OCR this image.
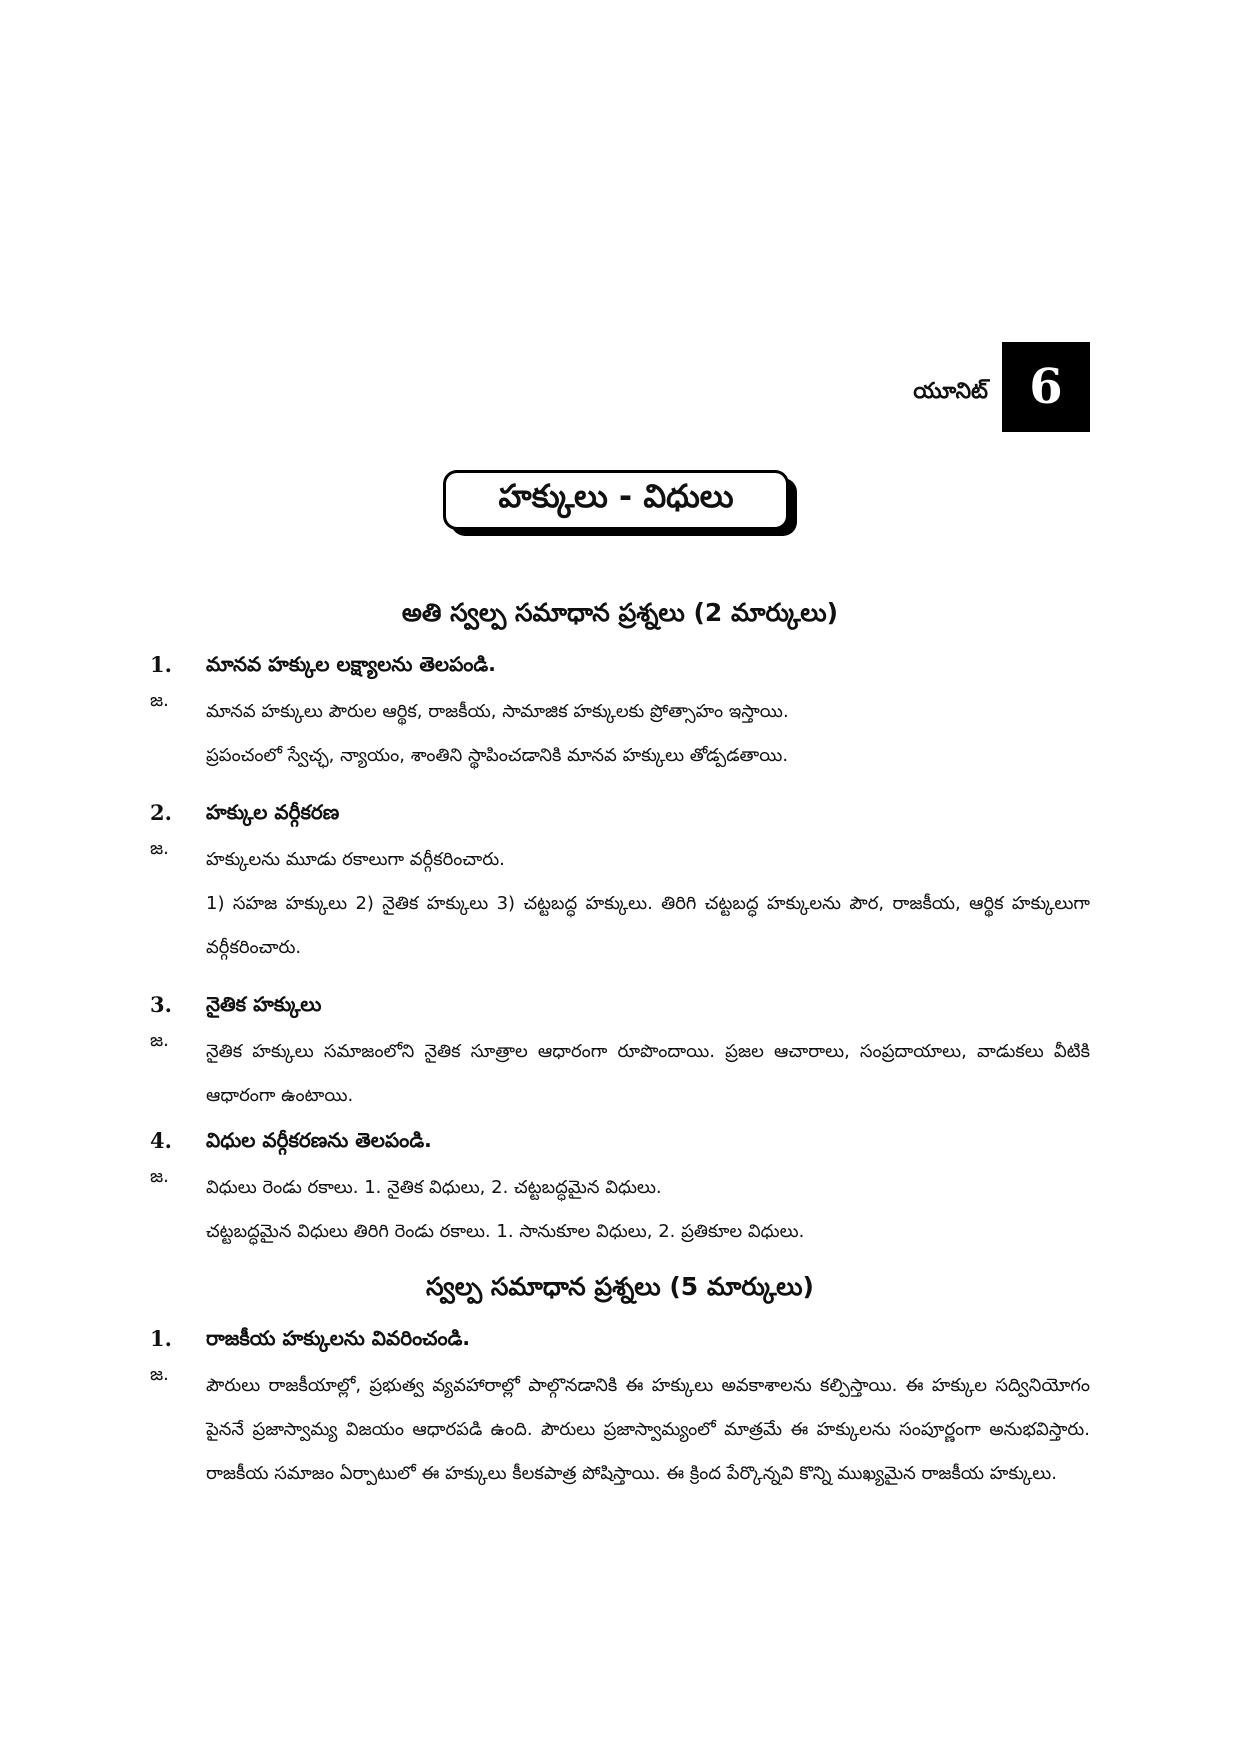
యూనిట్ 6
హక్కులు - విధులు
అతి స్వల్ప సమాధాన ప్రశ్నలు (2 మార్కులు)
1.	మానవ హక్కుల లక్ష్యాలను తెలపండి.
జ.

మానవ హక్కులు పౌరుల ఆర్థిక, రాజకీయ, సామాజిక హక్కులకు ప్రోత్సాహం ఇస్తాయి.

ప్రపంచంలో స్వేచ్ఛ, న్యాయం, శాంతిని స్థాపించడానికి మానవ హక్కులు తోడ్పడతాయి.

2.	హక్కుల వర్గీకరణ
జ.

హక్కులను మూడు రకాలుగా వర్గీకరించారు.

1) సహజ హక్కులు 2) నైతిక హక్కులు 3) చట్టబద్ధ హక్కులు. తిరిగి చట్టబద్ధ హక్కులను పౌర, రాజకీయ, ఆర్థిక హక్కులుగా వర్గీకరించారు.

3.	నైతిక హక్కులు
జ.

నైతిక హక్కులు సమాజంలోని నైతిక సూత్రాల ఆధారంగా రూపొందాయి. ప్రజల ఆచారాలు, సంప్రదాయాలు, వాడుకలు వీటికి ఆధారంగా ఉంటాయి.

4.	విధుల వర్గీకరణను తెలపండి.
జ.

విధులు రెండు రకాలు. 1. నైతిక విధులు, 2. చట్టబద్ధమైన విధులు.

చట్టబద్ధమైన విధులు తిరిగి రెండు రకాలు. 1. సానుకూల విధులు, 2. ప్రతికూల విధులు.

స్వల్ప సమాధాన ప్రశ్నలు (5 మార్కులు)
1.	రాజకీయ హక్కులను వివరించండి.
జ.

పౌరులు రాజకీయాల్లో, ప్రభుత్వ వ్యవహారాల్లో పాల్గొనడానికి ఈ హక్కులు అవకాశాలను కల్పిస్తాయి. ఈ హక్కుల సద్వినియోగం పైననే ప్రజాస్వామ్య విజయం ఆధారపడి ఉంది. పౌరులు ప్రజాస్వామ్యంలో మాత్రమే ఈ హక్కులను సంపూర్ణంగా అనుభవిస్తారు. రాజకీయ సమాజం ఏర్పాటులో ఈ హక్కులు కీలకపాత్ర పోషిస్తాయి. ఈ క్రింద పేర్కొన్నవి కొన్ని ముఖ్యమైన రాజకీయ హక్కులు.
